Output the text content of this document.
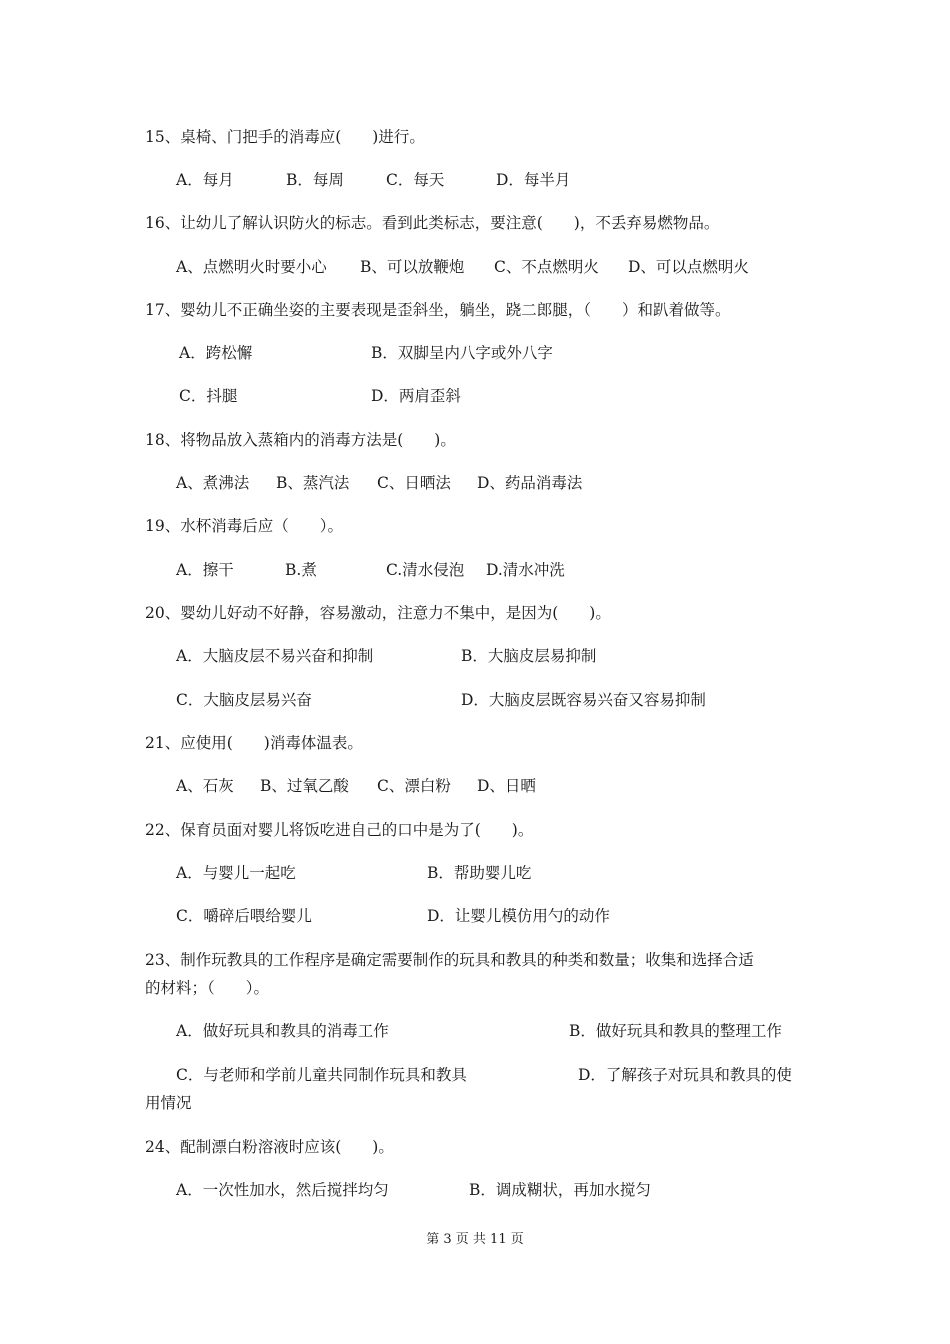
15、桌椅、门把手的消毒应(　　)进行。
A．每月	B．每周	C．每天	D．每半月
16、让幼儿了解认识防火的标志。看到此类标志，要注意(　　)，不丢弃易燃物品。
A、点燃明火时要小心 B、可以放鞭炮 C、不点燃明火 D、可以点燃明火
17、婴幼儿不正确坐姿的主要表现是歪斜坐，躺坐，跷二郎腿，（　　）和趴着做等。
A．跨松懈	B．双脚呈内八字或外八字
C．抖腿	D．两肩歪斜
18、将物品放入蒸箱内的消毒方法是(　　)。
A、煮沸法 B、蒸汽法 C、日晒法 D、药品消毒法
19、水杯消毒后应（　　）。
A．擦干	B.煮	C.清水侵泡 D.清水冲洗
20、婴幼儿好动不好静，容易激动，注意力不集中，是因为(　　)。
A．大脑皮层不易兴奋和抑制	B．大脑皮层易抑制
C．大脑皮层易兴奋	D．大脑皮层既容易兴奋又容易抑制
21、应使用(　　)消毒体温表。
A、石灰 B、过氧乙酸 C、漂白粉 D、日晒
22、保育员面对婴儿将饭吃进自己的口中是为了(　　)。
A．与婴儿一起吃	B．帮助婴儿吃
C．嚼碎后喂给婴儿	D．让婴儿模仿用勺的动作
23、制作玩教具的工作程序是确定需要制作的玩具和教具的种类和数量；收集和选择合适
的材料；（　　）。
A．做好玩具和教具的消毒工作	B．做好玩具和教具的整理工作
C．与老师和学前儿童共同制作玩具和教具	D．了解孩子对玩具和教具的使
用情况
24、配制漂白粉溶液时应该(　　)。
A．一次性加水，然后搅拌均匀	B．调成糊状，再加水搅匀
第 3 页 共 11 页
